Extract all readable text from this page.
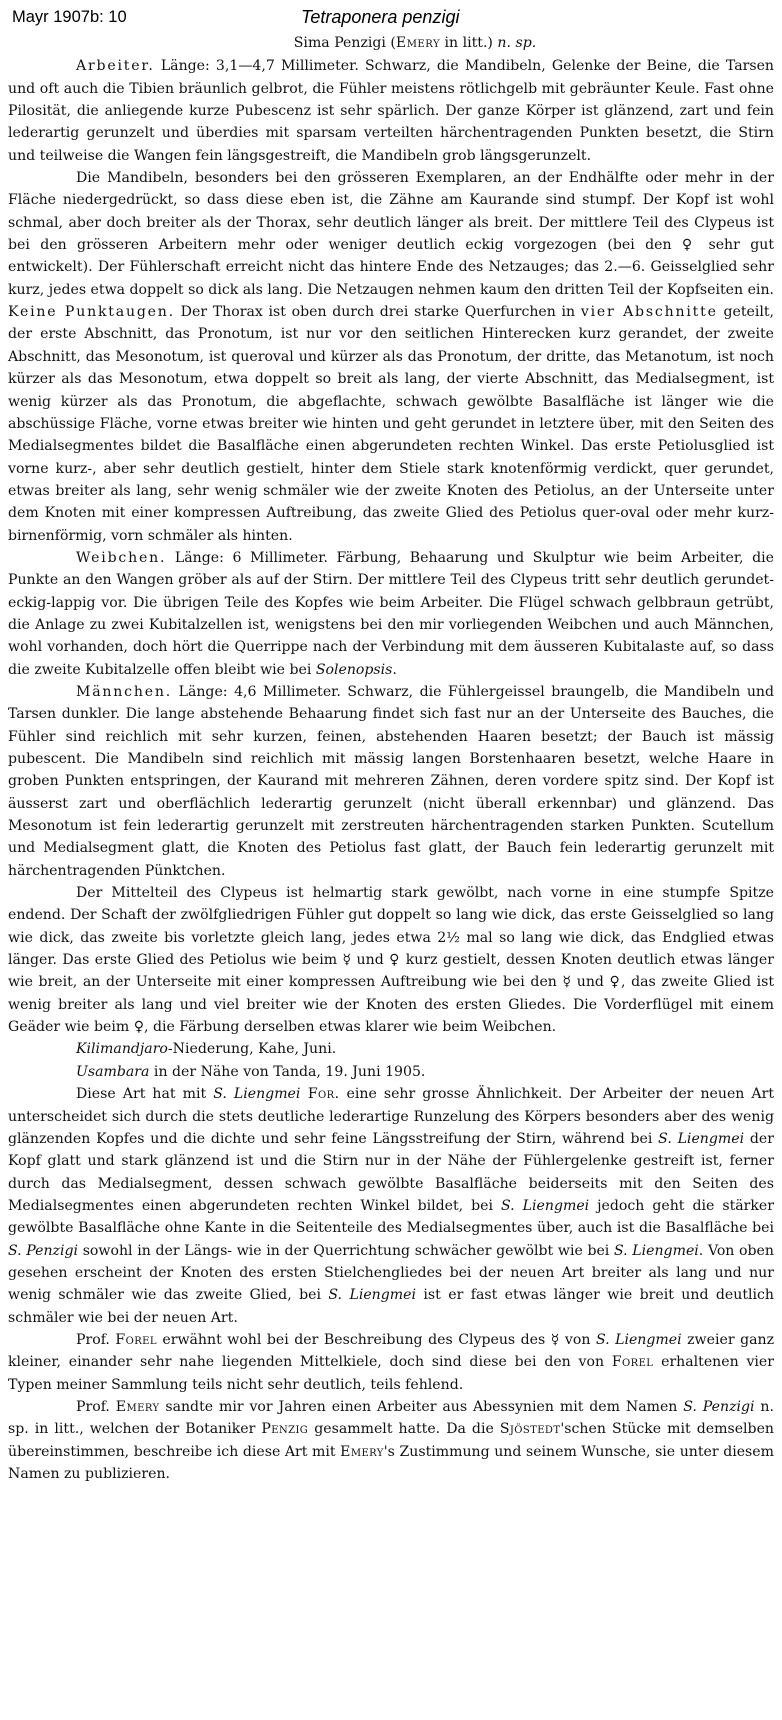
Mayr 1907b: 10	Tetraponera penzigi
Sima Penzigi (Emery in litt.) n. sp.

Arbeiter. Länge: 3,1—4,7 Millimeter. Schwarz, die Mandibeln, Gelenke der Beine, die Tarsen und oft auch die Tibien bräunlich gelbrot, die Fühler meistens rötlichgelb mit gebräunter Keule. Fast ohne Pilosität, die anliegende kurze Pubescenz ist sehr spärlich. Der ganze Körper ist glänzend, zart und fein lederartig gerunzelt und überdies mit sparsam verteilten härchentragenden Punkten besetzt, die Stirn und teilweise die Wangen fein längsgestreift, die Mandibeln grob längsgerunzelt.

Die Mandibeln, besonders bei den grösseren Exemplaren, an der Endhälfte oder mehr in der Fläche niedergedrückt, so dass diese eben ist, die Zähne am Kaurande sind stumpf. Der Kopf ist wohl schmal, aber doch breiter als der Thorax, sehr deutlich länger als breit. Der mittlere Teil des Clypeus ist bei den grösseren Arbeitern mehr oder weniger deutlich eckig vorgezogen (bei den ♀ sehr gut entwickelt). Der Fühlerschaft erreicht nicht das hintere Ende des Netzauges; das 2.—6. Geisselglied sehr kurz, jedes etwa doppelt so dick als lang. Die Netzaugen nehmen kaum den dritten Teil der Kopfseiten ein. Keine Punktaugen. Der Thorax ist oben durch drei starke Querfurchen in vier Abschnitte geteilt, der erste Abschnitt, das Pronotum, ist nur vor den seitlichen Hinterecken kurz gerandet, der zweite Abschnitt, das Mesonotum, ist queroval und kürzer als das Pronotum, der dritte, das Metanotum, ist noch kürzer als das Mesonotum, etwa doppelt so breit als lang, der vierte Abschnitt, das Medialsegment, ist wenig kürzer als das Pronotum, die abgeflachte, schwach gewölbte Basalfläche ist länger wie die abschüssige Fläche, vorne etwas breiter wie hinten und geht gerundet in letztere über, mit den Seiten des Medialsegmentes bildet die Basalfläche einen abgerundeten rechten Winkel. Das erste Petiolusglied ist vorne kurz-, aber sehr deutlich gestielt, hinter dem Stiele stark knotenförmig verdickt, quer gerundet, etwas breiter als lang, sehr wenig schmäler wie der zweite Knoten des Petiolus, an der Unterseite unter dem Knoten mit einer kompressen Auftreibung, das zweite Glied des Petiolus quer-oval oder mehr kurz-birnenförmig, vorn schmäler als hinten.

Weibchen. Länge: 6 Millimeter. Färbung, Behaarung und Skulptur wie beim Arbeiter, die Punkte an den Wangen gröber als auf der Stirn. Der mittlere Teil des Clypeus tritt sehr deutlich gerundet-eckig-lappig vor. Die übrigen Teile des Kopfes wie beim Arbeiter. Die Flügel schwach gelbbraun getrübt, die Anlage zu zwei Kubitalzellen ist, wenigstens bei den mir vorliegenden Weibchen und auch Männchen, wohl vorhanden, doch hört die Querrippe nach der Verbindung mit dem äusseren Kubitalaste auf, so dass die zweite Kubitalzelle offen bleibt wie bei Solenopsis.

Männchen. Länge: 4,6 Millimeter. Schwarz, die Fühlergeissel braungelb, die Mandibeln und Tarsen dunkler. Die lange abstehende Behaarung findet sich fast nur an der Unterseite des Bauches, die Fühler sind reichlich mit sehr kurzen, feinen, abstehenden Haaren besetzt; der Bauch ist mässig pubescent. Die Mandibeln sind reichlich mit mässig langen Borstenhaaren besetzt, welche Haare in groben Punkten entspringen, der Kaurand mit mehreren Zähnen, deren vordere spitz sind. Der Kopf ist äusserst zart und oberflächlich lederartig gerunzelt (nicht überall erkennbar) und glänzend. Das Mesonotum ist fein lederartig gerunzelt mit zerstreuten härchentragenden starken Punkten. Scutellum und Medialsegment glatt, die Knoten des Petiolus fast glatt, der Bauch fein lederartig gerunzelt mit härchentragenden Pünktchen.

Der Mittelteil des Clypeus ist helmartig stark gewölbt, nach vorne in eine stumpfe Spitze endend. Der Schaft der zwölfgliedrigen Fühler gut doppelt so lang wie dick, das erste Geisselglied so lang wie dick, das zweite bis vorletzte gleich lang, jedes etwa 2½ mal so lang wie dick, das Endglied etwas länger. Das erste Glied des Petiolus wie beim ☿ und ♀ kurz gestielt, dessen Knoten deutlich etwas länger wie breit, an der Unterseite mit einer kompressen Auftreibung wie bei den ☿ und ♀, das zweite Glied ist wenig breiter als lang und viel breiter wie der Knoten des ersten Gliedes. Die Vorderflügel mit einem Geäder wie beim ♀, die Färbung derselben etwas klarer wie beim Weibchen.

Kilimandjaro-Niederung, Kahe, Juni.

Usambara in der Nähe von Tanda, 19. Juni 1905.

Diese Art hat mit S. Liengmei For. eine sehr grosse Ähnlichkeit. Der Arbeiter der neuen Art unterscheidet sich durch die stets deutliche lederartige Runzelung des Körpers besonders aber des wenig glänzenden Kopfes und die dichte und sehr feine Längsstreifung der Stirn, während bei S. Liengmei der Kopf glatt und stark glänzend ist und die Stirn nur in der Nähe der Fühlergelenke gestreift ist, ferner durch das Medialsegment, dessen schwach gewölbte Basalfläche beiderseits mit den Seiten des Medialsegmentes einen abgerundeten rechten Winkel bildet, bei S. Liengmei jedoch geht die stärker gewölbte Basalfläche ohne Kante in die Seitenteile des Medialsegmentes über, auch ist die Basalfläche bei S. Penzigi sowohl in der Längs- wie in der Querrichtung schwächer gewölbt wie bei S. Liengmei. Von oben gesehen erscheint der Knoten des ersten Stielchengliedes bei der neuen Art breiter als lang und nur wenig schmäler wie das zweite Glied, bei S. Liengmei ist er fast etwas länger wie breit und deutlich schmäler wie bei der neuen Art.

Prof. Forel erwähnt wohl bei der Beschreibung des Clypeus des ☿ von S. Liengmei zweier ganz kleiner, einander sehr nahe liegenden Mittelkiele, doch sind diese bei den von Forel erhaltenen vier Typen meiner Sammlung teils nicht sehr deutlich, teils fehlend.

Prof. Emery sandte mir vor Jahren einen Arbeiter aus Abessynien mit dem Namen S. Penzigi n. sp. in litt., welchen der Botaniker Penzig gesammelt hatte. Da die Sjöstedt'schen Stücke mit demselben übereinstimmen, beschreibe ich diese Art mit Emery's Zustimmung und seinem Wunsche, sie unter diesem Namen zu publizieren.
